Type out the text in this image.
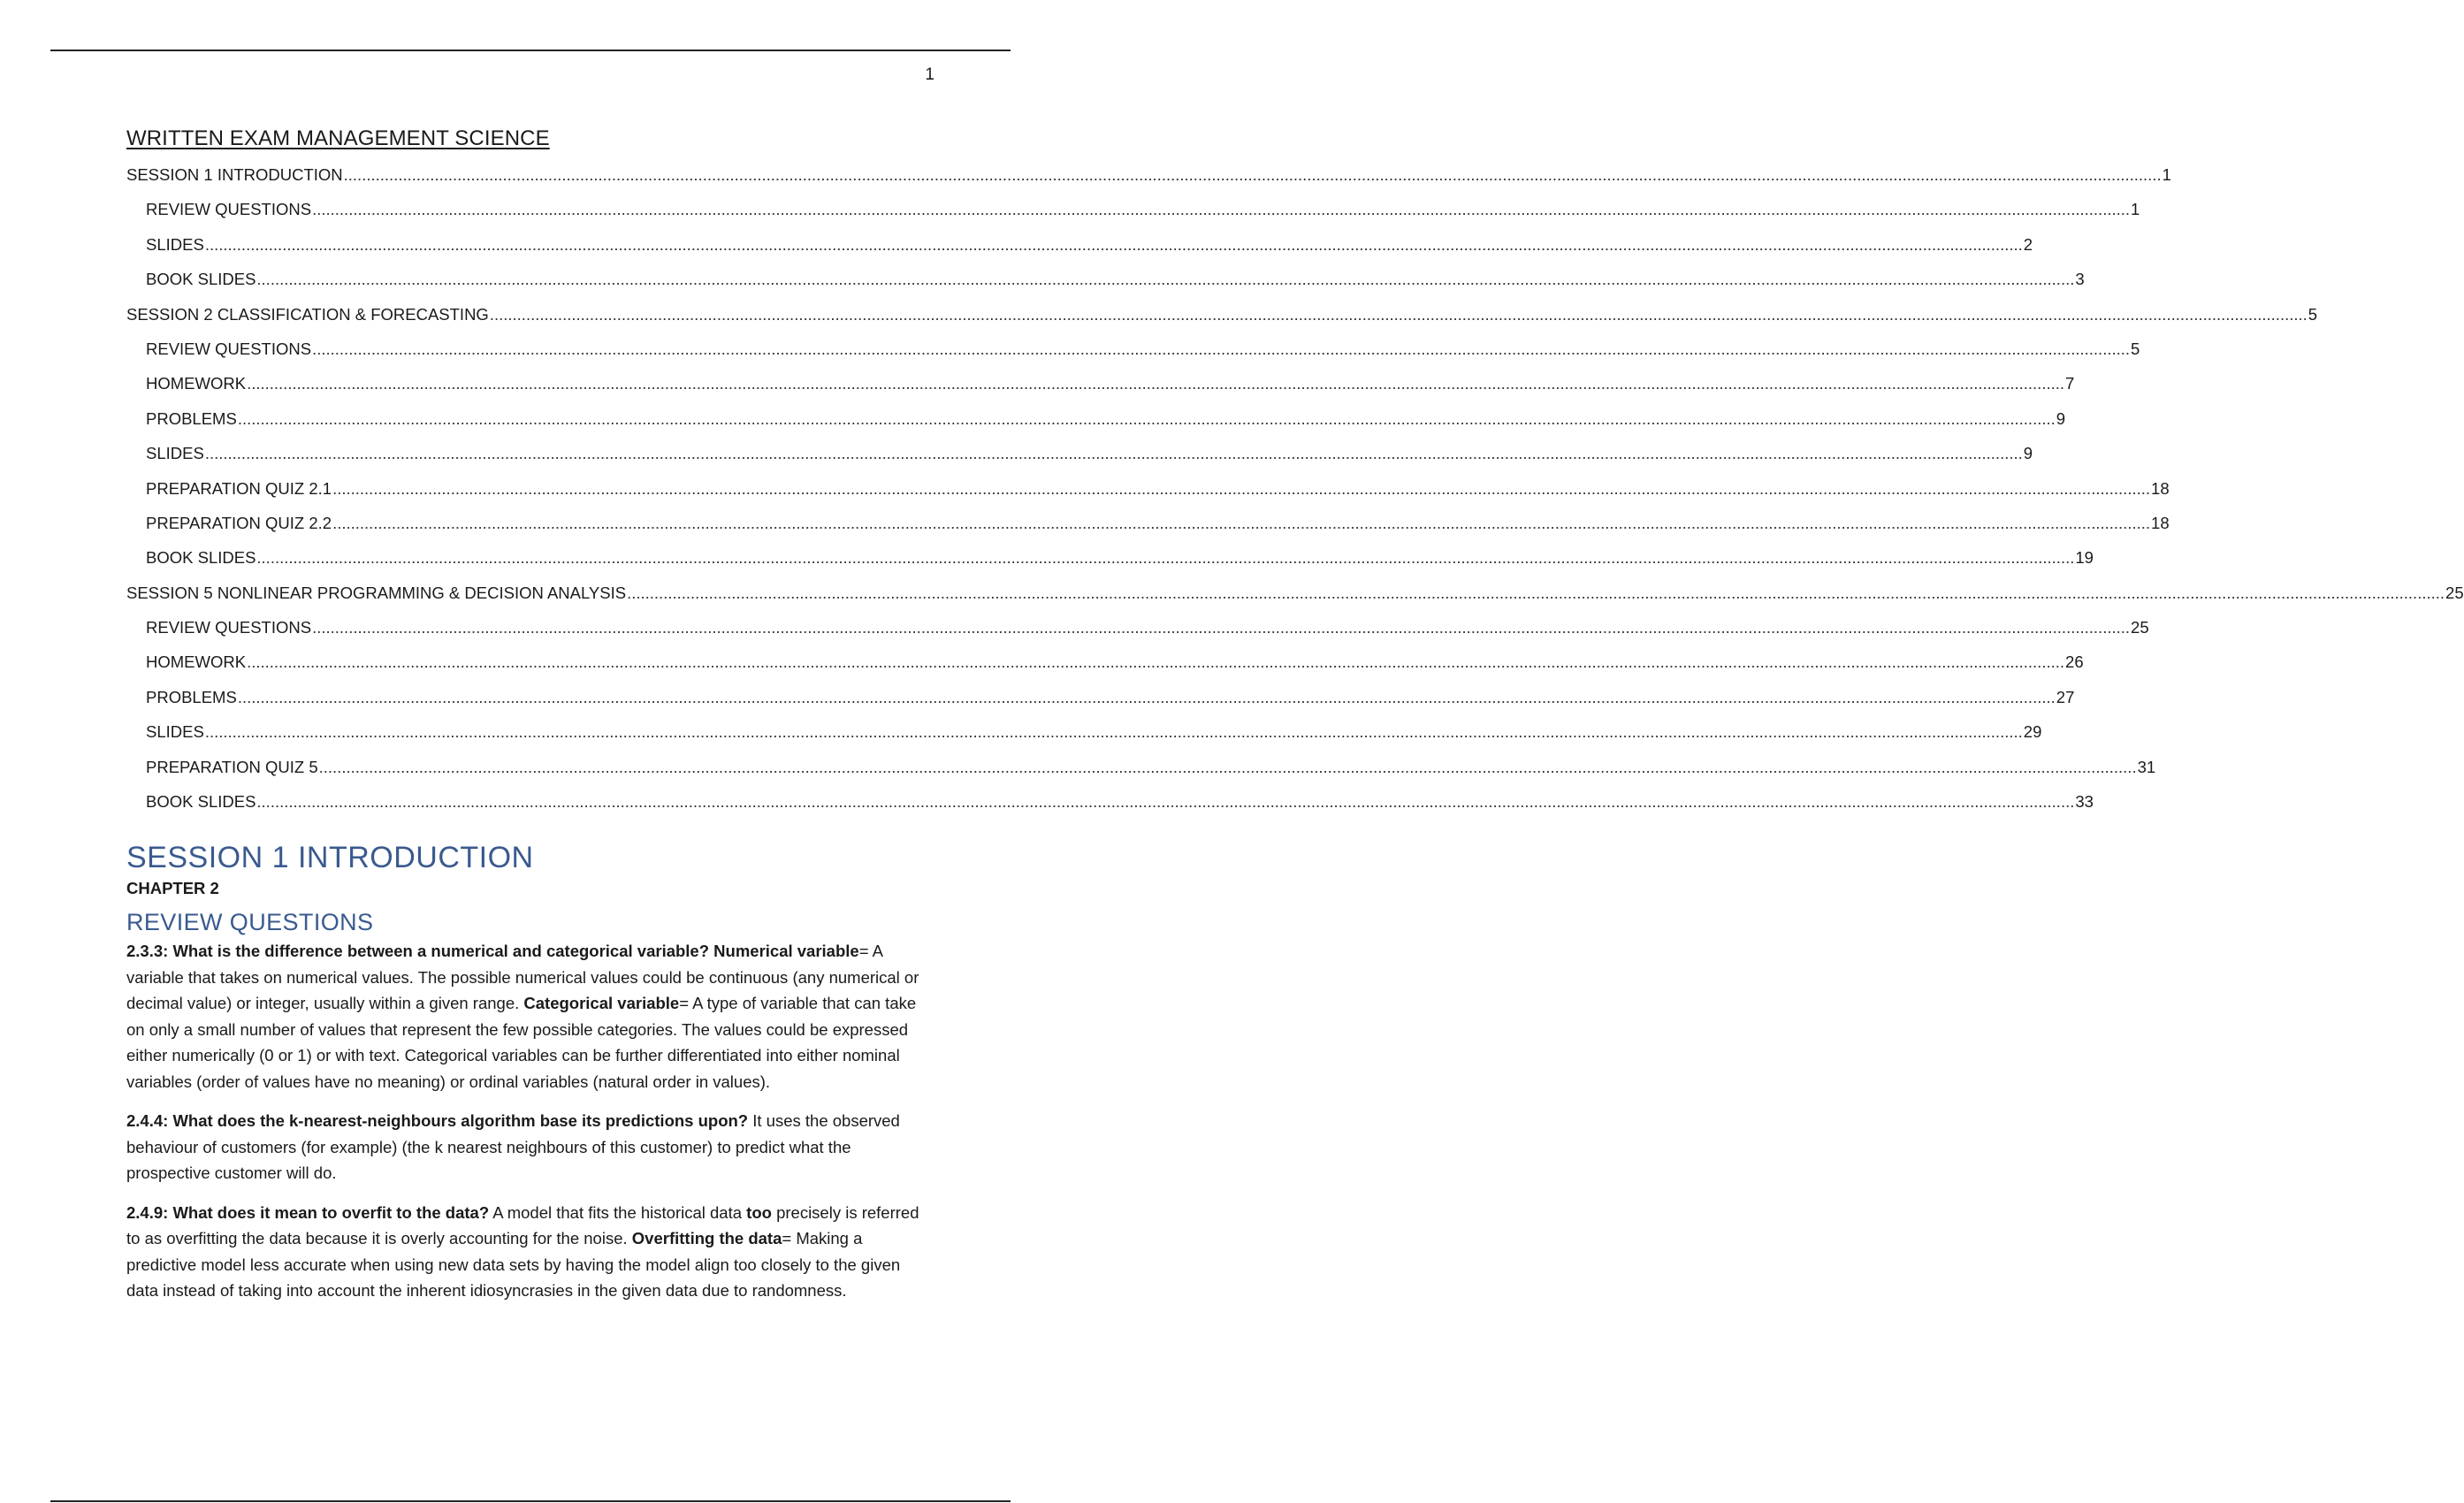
1
WRITTEN EXAM MANAGEMENT SCIENCE
SESSION 1 INTRODUCTION ................................................................................................................................................................................................................................................................................................................................................................................................................ 1
REVIEW QUESTIONS ................................................................................................................................................................................................................................................................................................................................................................................................................ 1
SLIDES ................................................................................................................................................................................................................................................................................................................................................................................................................ 2
BOOK SLIDES ................................................................................................................................................................................................................................................................................................................................................................................................................ 3
SESSION 2 CLASSIFICATION & FORECASTING ................................................................................................................................................................................................................................................................................................................................................................................................................ 5
REVIEW QUESTIONS ................................................................................................................................................................................................................................................................................................................................................................................................................ 5
HOMEWORK ................................................................................................................................................................................................................................................................................................................................................................................................................ 7
PROBLEMS ................................................................................................................................................................................................................................................................................................................................................................................................................ 9
SLIDES ................................................................................................................................................................................................................................................................................................................................................................................................................ 9
PREPARATION QUIZ 2.1 ................................................................................................................................................................................................................................................................................................................................................................................................................ 18
PREPARATION QUIZ 2.2 ................................................................................................................................................................................................................................................................................................................................................................................................................ 18
BOOK SLIDES ................................................................................................................................................................................................................................................................................................................................................................................................................ 19
SESSION 5 NONLINEAR PROGRAMMING & DECISION ANALYSIS ................................................................................................................................................................................................................................................................................................................................................................................................................ 25
REVIEW QUESTIONS ................................................................................................................................................................................................................................................................................................................................................................................................................ 25
HOMEWORK ................................................................................................................................................................................................................................................................................................................................................................................................................ 26
PROBLEMS ................................................................................................................................................................................................................................................................................................................................................................................................................ 27
SLIDES ................................................................................................................................................................................................................................................................................................................................................................................................................ 29
PREPARATION QUIZ 5 ................................................................................................................................................................................................................................................................................................................................................................................................................ 31
BOOK SLIDES ................................................................................................................................................................................................................................................................................................................................................................................................................ 33
SESSION 1 INTRODUCTION
CHAPTER 2
REVIEW QUESTIONS

2.3.3: What is the difference between a numerical and categorical variable? Numerical variable= A variable that takes on numerical values. The possible numerical values could be continuous (any numerical or decimal value) or integer, usually within a given range. Categorical variable= A type of variable that can take on only a small number of values that represent the few possible categories. The values could be expressed either numerically (0 or 1) or with text. Categorical variables can be further differentiated into either nominal variables (order of values have no meaning) or ordinal variables (natural order in values).

2.4.4: What does the k-nearest-neighbours algorithm base its predictions upon? It uses the observed behaviour of customers (for example) (the k nearest neighbours of this customer) to predict what the prospective customer will do.

2.4.9: What does it mean to overfit to the data? A model that fits the historical data too precisely is referred to as overfitting the data because it is overly accounting for the noise. Overfitting the data= Making a predictive model less accurate when using new data sets by having the model align too closely to the given data instead of taking into account the inherent idiosyncrasies in the given data due to randomness.
